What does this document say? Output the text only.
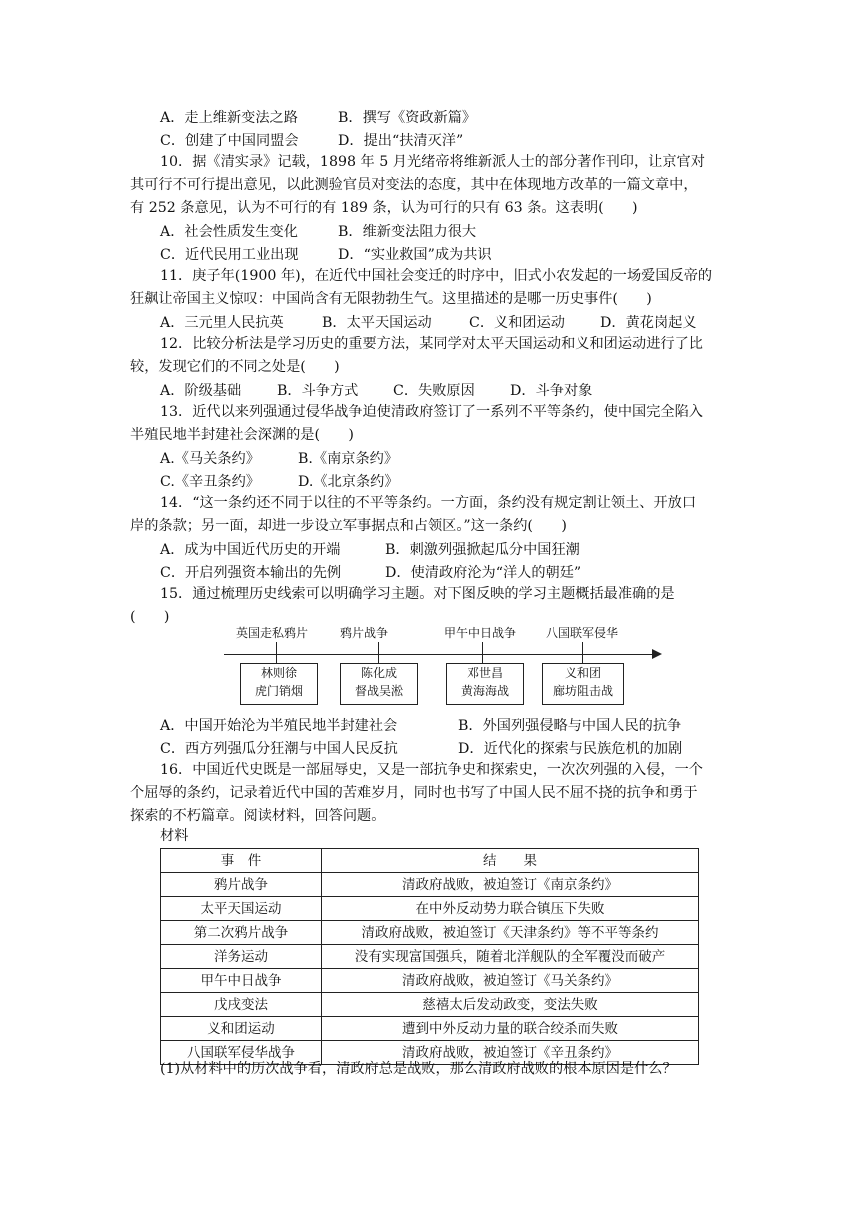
A．走上维新变法之路	B．撰写《资政新篇》
C．创建了中国同盟会	D．提出“扶清灭洋”
10．据《清实录》记载，1898 年 5 月光绪帝将维新派人士的部分著作刊印，让京官对
其可行不可行提出意见，以此测验官员对变法的态度，其中在体现地方改革的一篇文章中，
有 252 条意见，认为不可行的有 189 条，认为可行的只有 63 条。这表明(　　)
A．社会性质发生变化	B．维新变法阻力很大
C．近代民用工业出现	D．“实业救国”成为共识
11．庚子年(1900 年)，在近代中国社会变迁的时序中，旧式小农发起的一场爱国反帝的
狂飙让帝国主义惊叹：中国尚含有无限勃勃生气。这里描述的是哪一历史事件(　　)
A．三元里人民抗英	B．太平天国运动	C．义和团运动 D．黄花岗起义
12．比较分析法是学习历史的重要方法，某同学对太平天国运动和义和团运动进行了比
较，发现它们的不同之处是(　　)
A．阶级基础	B．斗争方式 C．失败原因 D．斗争对象
13．近代以来列强通过侵华战争迫使清政府签订了一系列不平等条约，使中国完全陷入
半殖民地半封建社会深渊的是(　　)
A.《马关条约》	B.《南京条约》
C.《辛丑条约》	D.《北京条约》
14．“这一条约还不同于以往的不平等条约。一方面，条约没有规定割让领土、开放口
岸的条款；另一面，却进一步设立军事据点和占领区。”这一条约(　　)
A．成为中国近代历史的开端	B．刺激列强掀起瓜分中国狂潮
C．开启列强资本输出的先例	D．使清政府沦为“洋人的朝廷”
15．通过梳理历史线索可以明确学习主题。对下图反映的学习主题概括最准确的是
(　　)
英国走私鸦片	鸦片战争	甲午中日战争 八国联军侵华
林则徐
虎门销烟
陈化成
督战吴淞
邓世昌
黄海海战
义和团
廊坊阻击战
A．中国开始沦为半殖民地半封建社会	B．外国列强侵略与中国人民的抗争
C．西方列强瓜分狂潮与中国人民反抗	D．近代化的探索与民族危机的加剧
16．中国近代史既是一部屈辱史，又是一部抗争史和探索史，一次次列强的入侵，一个
个屈辱的条约，记录着近代中国的苦难岁月，同时也书写了中国人民不屈不挠的抗争和勇于
探索的不朽篇章。阅读材料，回答问题。
材料
事　件	结　　果
鸦片战争	清政府战败，被迫签订《南京条约》
太平天国运动	在中外反动势力联合镇压下失败
第二次鸦片战争	清政府战败，被迫签订《天津条约》等不平等条约
洋务运动	没有实现富国强兵，随着北洋舰队的全军覆没而破产
甲午中日战争	清政府战败，被迫签订《马关条约》
戊戌变法	慈禧太后发动政变，变法失败
义和团运动	遭到中外反动力量的联合绞杀而失败
八国联军侵华战争	清政府战败，被迫签订《辛丑条约》
(1)从材料中的历次战争看，清政府总是战败，那么清政府战败的根本原因是什么？
